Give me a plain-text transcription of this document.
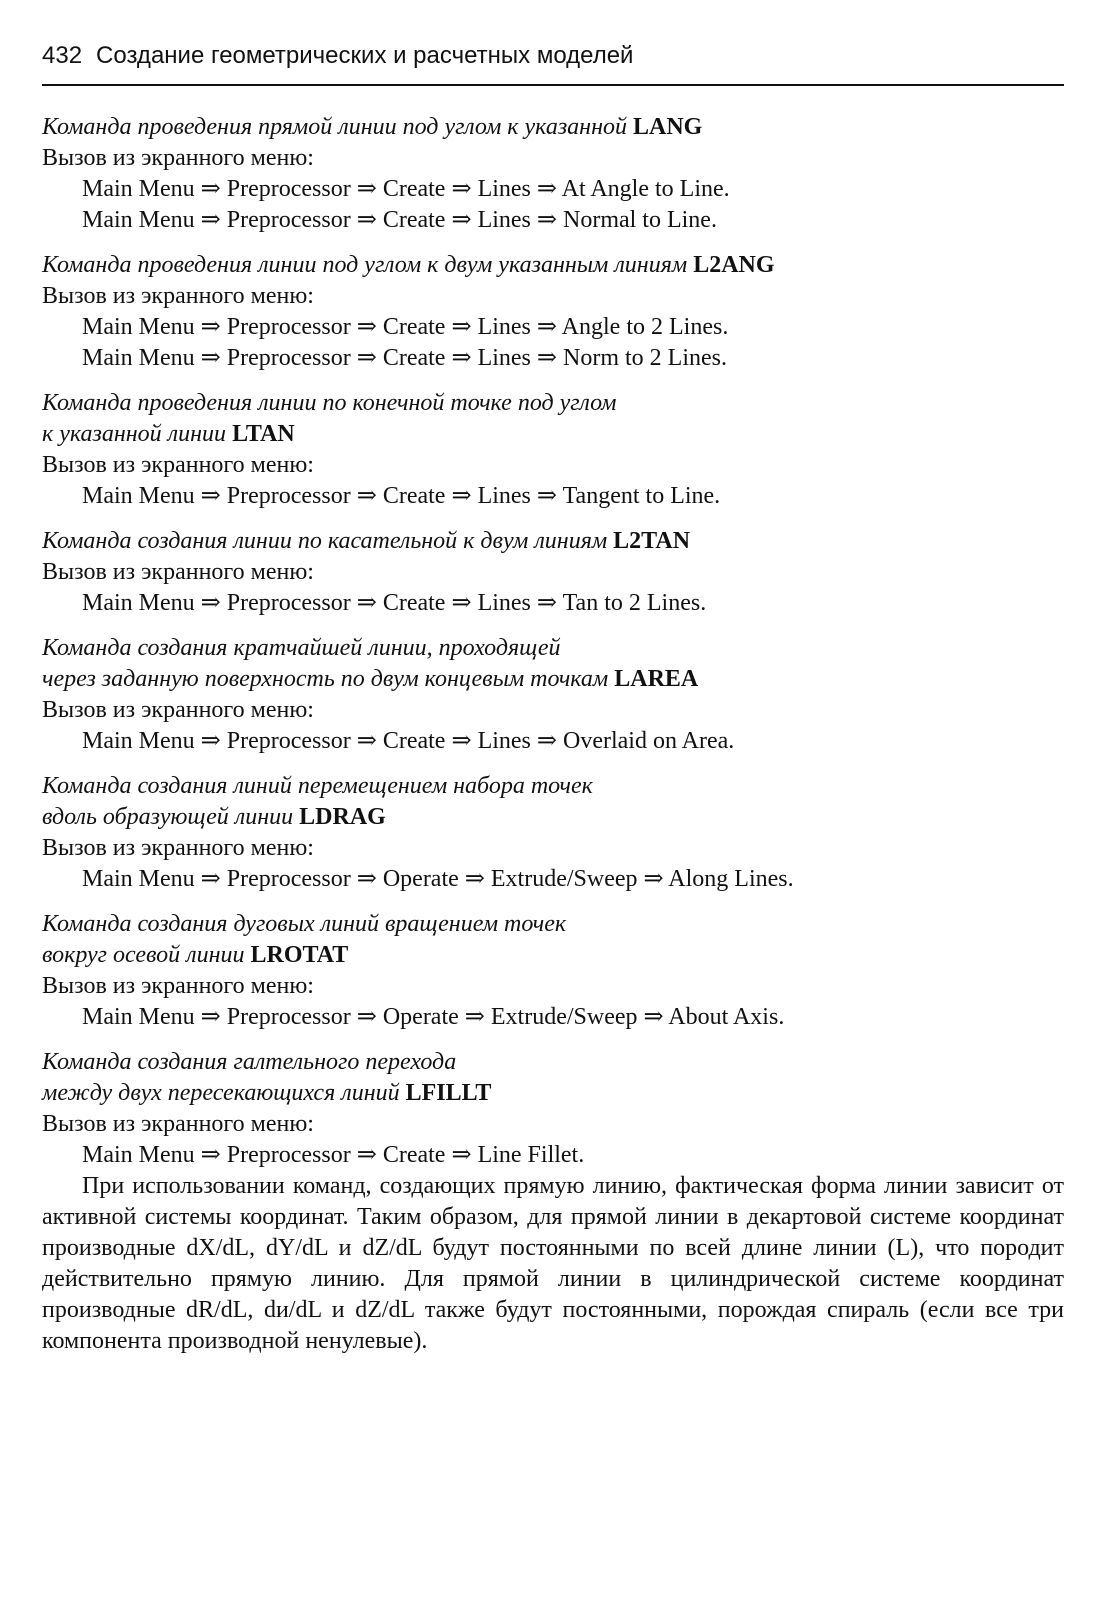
432 Создание геометрических и расчетных моделей
Команда проведения прямой линии под углом к указанной LANG
Вызов из экранного меню:
Main Menu ⇒ Preprocessor ⇒ Create ⇒ Lines ⇒ At Angle to Line.
Main Menu ⇒ Preprocessor ⇒ Create ⇒ Lines ⇒ Normal to Line.
Команда проведения линии под углом к двум указанным линиям L2ANG
Вызов из экранного меню:
Main Menu ⇒ Preprocessor ⇒ Create ⇒ Lines ⇒ Angle to 2 Lines.
Main Menu ⇒ Preprocessor ⇒ Create ⇒ Lines ⇒ Norm to 2 Lines.
Команда проведения линии по конечной точке под углом
к указанной линии LTAN
Вызов из экранного меню:
Main Menu ⇒ Preprocessor ⇒ Create ⇒ Lines ⇒ Tangent to Line.
Команда создания линии по касательной к двум линиям L2TAN
Вызов из экранного меню:
Main Menu ⇒ Preprocessor ⇒ Create ⇒ Lines ⇒ Tan to 2 Lines.
Команда создания кратчайшей линии, проходящей
через заданную поверхность по двум концевым точкам LAREA
Вызов из экранного меню:
Main Menu ⇒ Preprocessor ⇒ Create ⇒ Lines ⇒ Overlaid on Area.
Команда создания линий перемещением набора точек
вдоль образующей линии LDRAG
Вызов из экранного меню:
Main Menu ⇒ Preprocessor ⇒ Operate ⇒ Extrude/Sweep ⇒ Along Lines.
Команда создания дуговых линий вращением точек
вокруг осевой линии LROTAT
Вызов из экранного меню:
Main Menu ⇒ Preprocessor ⇒ Operate ⇒ Extrude/Sweep ⇒ About Axis.
Команда создания галтельного перехода
между двух пересекающихся линий LFILLT
Вызов из экранного меню:
Main Menu ⇒ Preprocessor ⇒ Create ⇒ Line Fillet.

При использовании команд, создающих прямую линию, фактическая форма линии зависит от активной системы координат. Таким образом, для прямой линии в декартовой системе координат производные dX/dL, dY/dL и dZ/dL будут постоянными по всей длине линии (L), что породит действительно прямую линию. Для прямой линии в цилиндрической системе координат производные dR/dL, dи/dL и dZ/dL также будут постоянными, порождая спираль (если все три компонента производной ненулевые).
